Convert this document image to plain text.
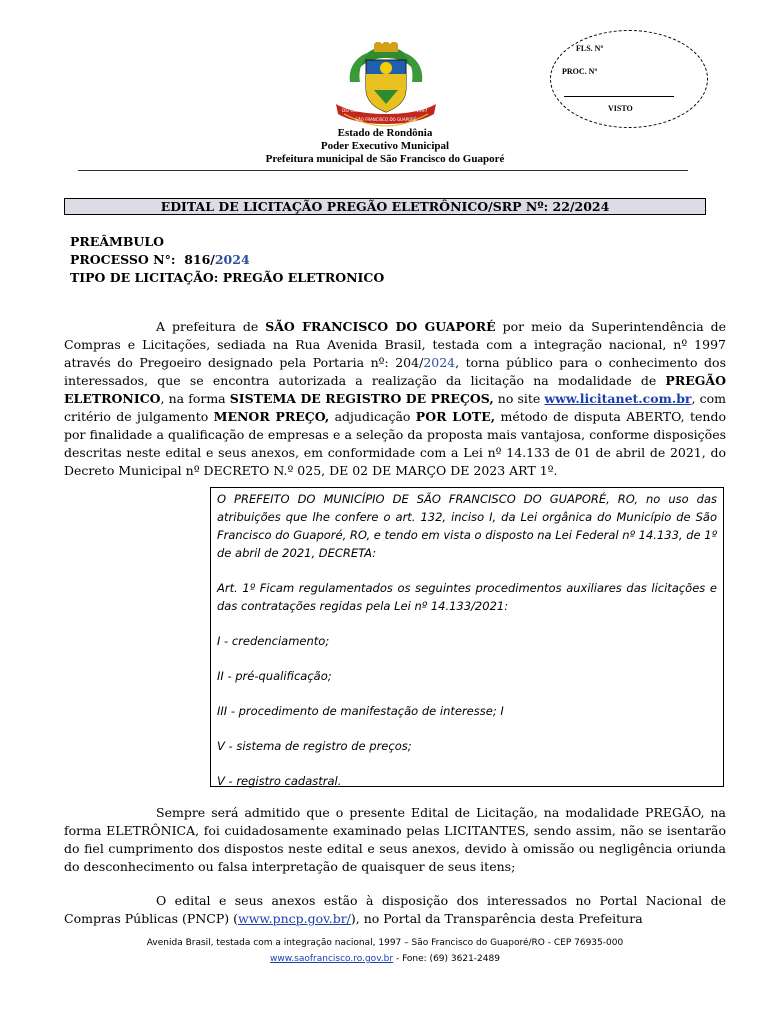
DO GUAPORÉ	1997
SÃO FRANCISCO DO GUAPORÉ
FLS. Nº
PROC. Nº
VISTO
Estado de Rondônia
Poder Executivo Municipal
Prefeitura municipal de São Francisco do Guaporé
EDITAL DE LICITAÇÃO PREGÃO ELETRÔNICO/SRP Nº: 22/2024
PREÂMBULO
PROCESSO N°: 816/2024
TIPO DE LICITAÇÃO: PREGÃO ELETRONICO
A prefeitura de SÃO FRANCISCO DO GUAPORÉ por meio da Superintendência de Compras e Licitações, sediada na Rua Avenida Brasil, testada com a integração nacional, nº 1997 através do Pregoeiro designado pela Portaria nº: 204/2024, torna público para o conhecimento dos interessados, que se encontra autorizada a realização da licitação na modalidade de PREGÃO ELETRONICO, na forma SISTEMA DE REGISTRO DE PREÇOS, no site www.licitanet.com.br, com critério de julgamento MENOR PREÇO, adjudicação POR LOTE, método de disputa ABERTO, tendo por finalidade a qualificação de empresas e a seleção da proposta mais vantajosa, conforme disposições descritas neste edital e seus anexos, em conformidade com a Lei nº 14.133 de 01 de abril de 2021, do Decreto Municipal nº DECRETO N.º 025, DE 02 DE MARÇO DE 2023 ART 1º.

O PREFEITO DO MUNICÍPIO DE SÃO FRANCISCO DO GUAPORÉ, RO, no uso das atribuições que lhe confere o art. 132, inciso I, da Lei orgânica do Município de São Francisco do Guaporé, RO, e tendo em vista o disposto na Lei Federal nº 14.133, de 1º de abril de 2021, DECRETA:

Art. 1º Ficam regulamentados os seguintes procedimentos auxiliares das licitações e das contratações regidas pela Lei nº 14.133/2021:

I - credenciamento;

II - pré-qualificação;

III - procedimento de manifestação de interesse; I

V - sistema de registro de preços;

V - registro cadastral.

Sempre será admitido que o presente Edital de Licitação, na modalidade PREGÃO, na forma ELETRÔNICA, foi cuidadosamente examinado pelas LICITANTES, sendo assim, não se isentarão do fiel cumprimento dos dispostos neste edital e seus anexos, devido à omissão ou negligência oriunda do desconhecimento ou falsa interpretação de quaisquer de seus itens;
O edital e seus anexos estão à disposição dos interessados no Portal Nacional de Compras Públicas (PNCP) (www.pncp.gov.br/), no Portal da Transparência desta Prefeitura
Avenida Brasil, testada com a integração nacional, 1997 – São Francisco do Guaporé/RO - CEP 76935-000
www.saofrancisco.ro.gov.br - Fone: (69) 3621-2489
